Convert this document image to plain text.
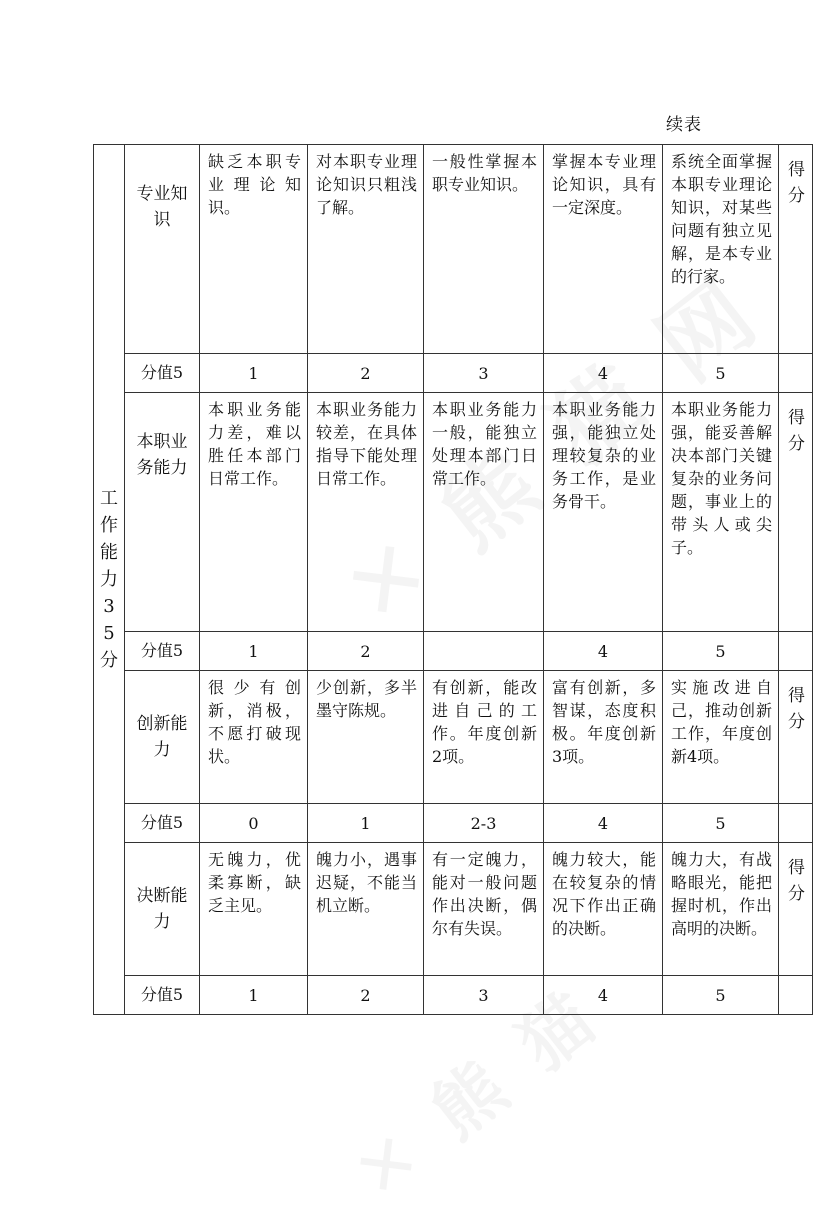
续表
工作能力35分	专业知识	缺乏本职专业理论知识。	对本职专业理论知识只粗浅了解。	一般性掌握本职专业知识。	掌握本专业理论知识，具有一定深度。	系统全面掌握本职专业理论知识，对某些问题有独立见解，是本专业的行家。	得分
	分值5	1	2	3	4	5	
	本职业务能力	本职业务能力差，难以胜任本部门日常工作。	本职业务能力较差，在具体指导下能处理日常工作。	本职业务能力一般，能独立处理本部门日常工作。	本职业务能力强，能独立处理较复杂的业务工作，是业务骨干。	本职业务能力强，能妥善解决本部门关键复杂的业务问题，事业上的带头人或尖子。	得分
	分值5	1	2		4	5	
	创新能力	很少有创新，消极，不愿打破现状。	少创新，多半墨守陈规。	有创新，能改进自己的工作。年度创新2项。	富有创新，多智谋，态度积极。年度创新3项。	实施改进自己，推动创新工作，年度创新4项。	得分
	分值5	0	1	2-3	4	5	
	决断能力	无魄力，优柔寡断，缺乏主见。	魄力小，遇事迟疑，不能当机立断。	有一定魄力，能对一般问题作出决断，偶尔有失误。	魄力较大，能在较复杂的情况下作出正确的决断。	魄力大，有战略眼光，能把握时机，作出高明的决断。	得分
	分值5	1	2	3	4	5	
